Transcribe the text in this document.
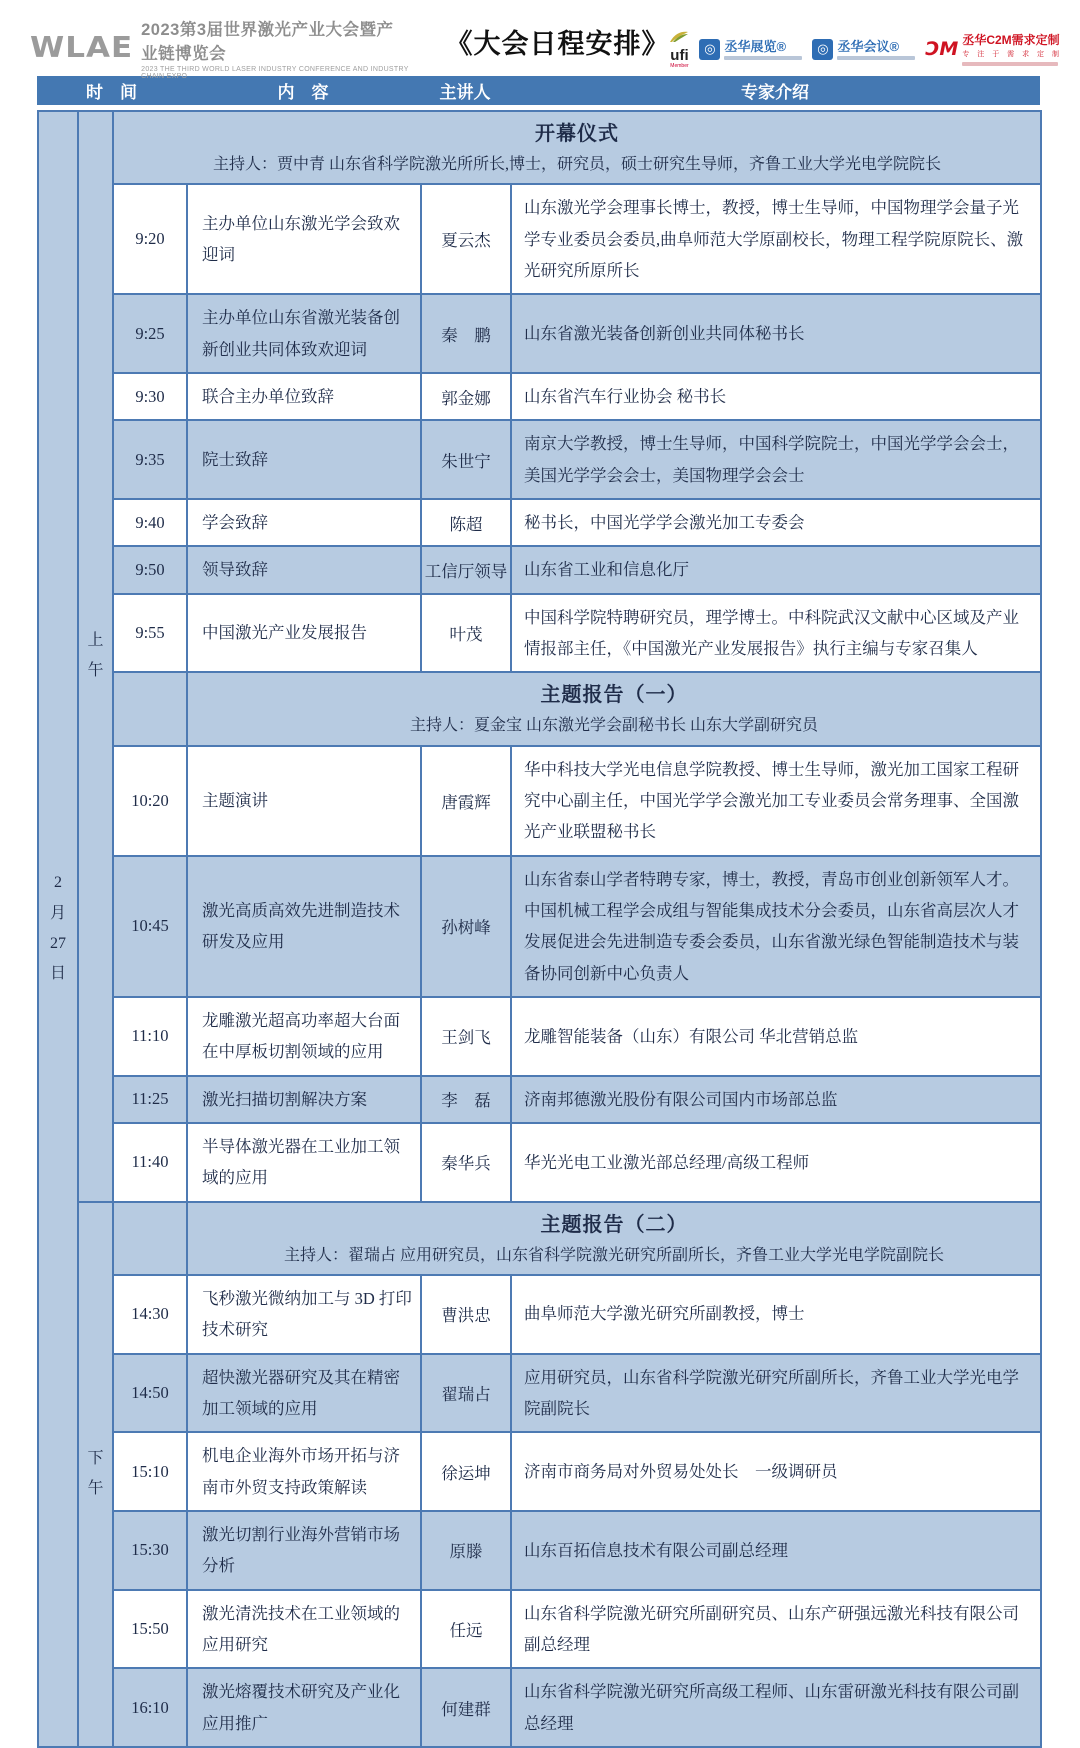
WLAE
2023第3届世界激光产业大会暨产业链博览会
2023 THE THIRD WORLD LASER INDUSTRY CONFERENCE AND INDUSTRY CHAIN EXPO
《大会日程安排》 ufi
Member
◎ 丞华展览®	◎ 丞华会议®	ƆM 丞华C2M需求定制
专 注 于 需 求 定 制
时　间	内　容	主讲人	专家介绍
2
月
27
日

上
午

开幕仪式
主持人：贾中青 山东省科学院激光所所长,博士，研究员，硕士研究生导师，齐鲁工业大学光电学院院长

		9:20	主办单位山东激光学会致欢迎词	夏云杰	山东激光学会理事长博士，教授，博士生导师，中国物理学会量子光学专业委员会委员,曲阜师范大学原副校长，物理工程学院原院长、激光研究所原所长
		9:25	主办单位山东省激光装备创新创业共同体致欢迎词	秦　鹏	山东省激光装备创新创业共同体秘书长
		9:30	联合主办单位致辞	郭金娜	山东省汽车行业协会 秘书长
		9:35	院士致辞	朱世宁	南京大学教授，博士生导师，中国科学院院士，中国光学学会会士，美国光学学会会士，美国物理学会会士
		9:40	学会致辞	陈超	秘书长，中国光学学会激光加工专委会
		9:50	领导致辞	工信厅领导	山东省工业和信息化厅
		9:55	中国激光产业发展报告	叶茂	中国科学院特聘研究员，理学博士。中科院武汉文献中心区域及产业情报部主任，《中国激光产业发展报告》执行主编与专家召集人

			主题报告（一）
主持人：夏金宝 山东激光学会副秘书长 山东大学副研究员		

		10:20	主题演讲	唐霞辉	华中科技大学光电信息学院教授、博士生导师，激光加工国家工程研究中心副主任，中国光学学会激光加工专业委员会常务理事、全国激光产业联盟秘书长
		10:45	激光高质高效先进制造技术研发及应用	孙树峰	山东省泰山学者特聘专家，博士，教授，青岛市创业创新领军人才。中国机械工程学会成组与智能集成技术分会委员，山东省高层次人才发展促进会先进制造专委会委员，山东省激光绿色智能制造技术与装备协同创新中心负责人
		11:10	龙雕激光超高功率超大台面在中厚板切割领域的应用	王剑飞	龙雕智能装备（山东）有限公司 华北营销总监
		11:25	激光扫描切割解决方案	李　磊	济南邦德激光股份有限公司国内市场部总监
		11:40	半导体激光器在工业加工领域的应用	秦华兵	华光光电工业激光部总经理/高级工程师

下
午

主题报告（二）
主持人：翟瑞占 应用研究员，山东省科学院激光研究所副所长，齐鲁工业大学光电学院副院长

		14:30	飞秒激光微纳加工与 3D 打印技术研究	曹洪忠	曲阜师范大学激光研究所副教授，博士
		14:50	超快激光器研究及其在精密加工领域的应用	翟瑞占	应用研究员，山东省科学院激光研究所副所长，齐鲁工业大学光电学院副院长
		15:10	机电企业海外市场开拓与济南市外贸支持政策解读	徐运坤	济南市商务局对外贸易处处长　一级调研员
		15:30	激光切割行业海外营销市场分析	原滕	山东百拓信息技术有限公司副总经理
		15:50	激光清洗技术在工业领域的应用研究	任远	山东省科学院激光研究所副研究员、山东产研强远激光科技有限公司副总经理
		16:10	激光熔覆技术研究及产业化应用推广	何建群	山东省科学院激光研究所高级工程师、山东雷研激光科技有限公司副总经理
